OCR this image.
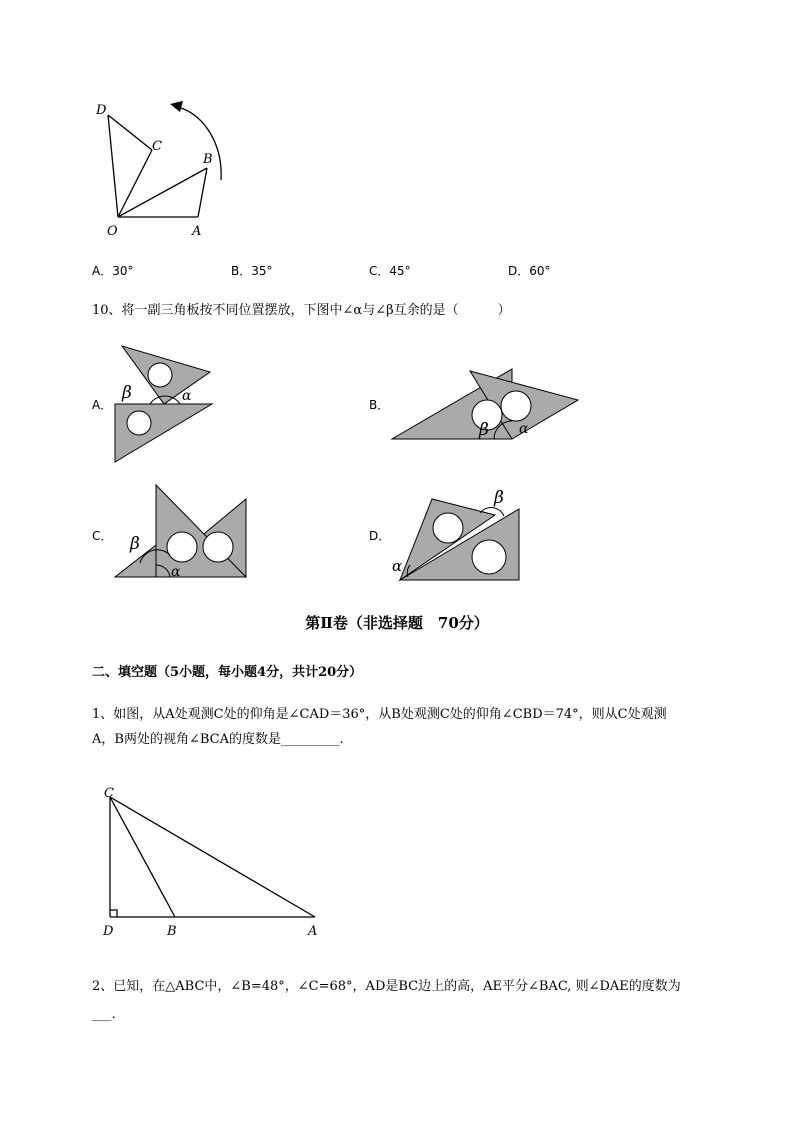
D
C
B
O	A
A．30°	B．35°	C．45°	D．60°
10、将一副三角板按不同位置摆放，下图中∠α与∠β互余的是（　　　）
A．
β	α
B．
β α
C． β
α
D．
β
α
第Ⅱ卷（非选择题　70分）
二、填空题（5小题，每小题4分，共计20分）
1、如图，从A处观测C处的仰角是∠CAD＝36°，从B处观测C处的仰角∠CBD＝74°，则从C处观测
A，B两处的视角∠BCA的度数是_________.
C
D	B	A
2、已知，在△ABC中，∠B=48°，∠C=68°，AD是BC边上的高，AE平分∠BAC, 则∠DAE的度数为
___.
